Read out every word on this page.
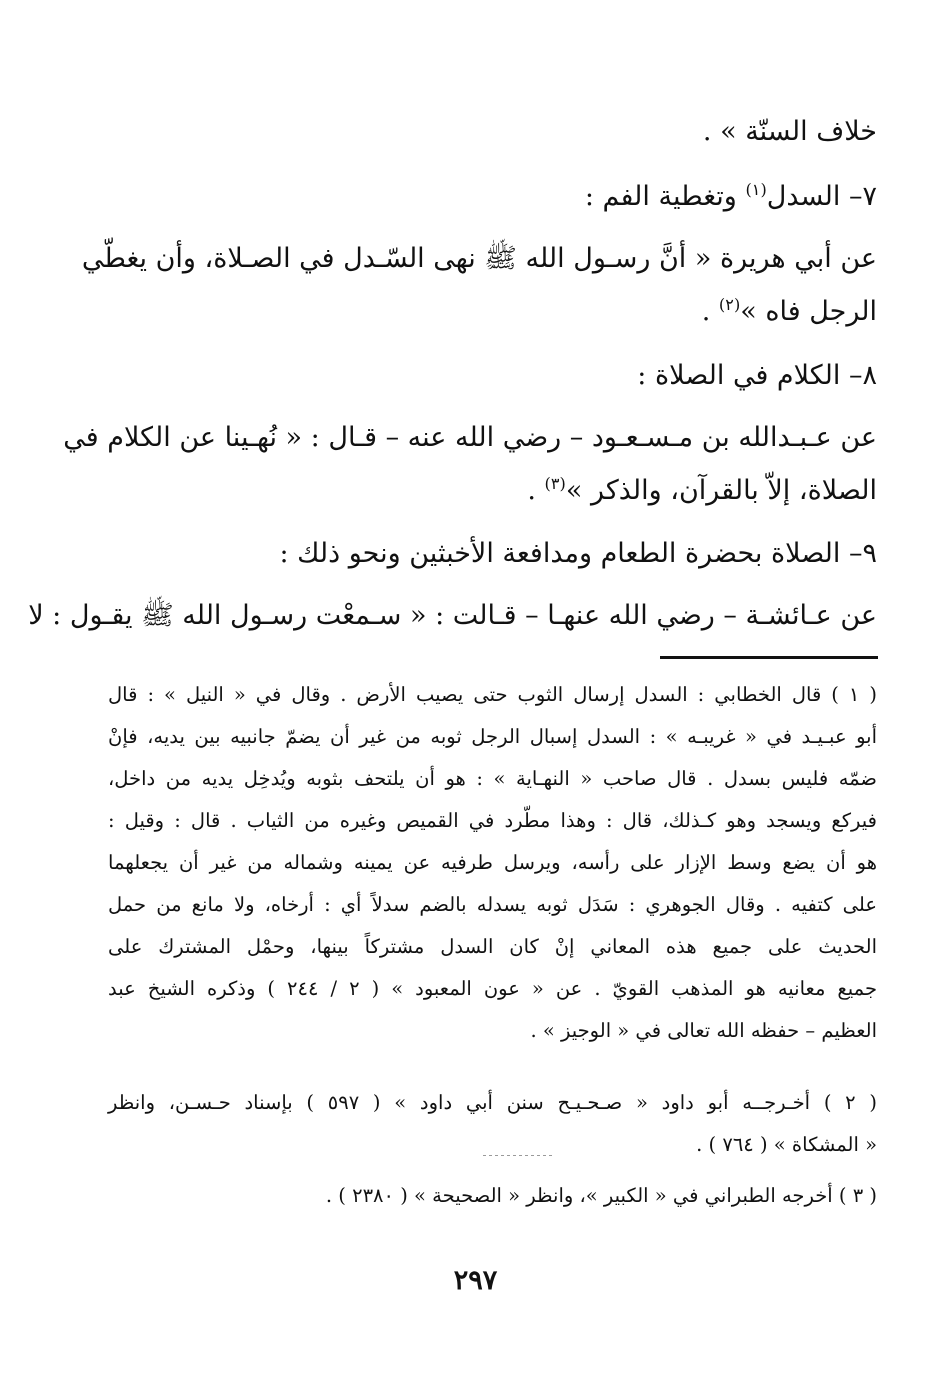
خلاف السنّة » .
٧– السدل$^{(١)}$ وتغطية الفم :
عن أبي هريرة « أنَّ رسـول الله ﷺ نهى السّـدل في الصـلاة، وأن يغطّي
الرجل فاه »$^{(٢)}$ .
٨– الكلام في الصلاة :
عن عـبـدالله بن مـسـعـود – رضي الله عنه – قـال : « نُهـينا عن الكلام في
الصلاة، إلاّ بالقرآن، والذكر »$^{(٣)}$ .
٩– الصلاة بحضرة الطعام ومدافعة الأخبثين ونحو ذلك :
عن عـائشـة – رضي الله عنهـا – قـالت : « سـمعْت رسـول الله ﷺ يقـول : لا
( ١ ) قال الخطابي : السدل إرسال الثوب حتى يصيب الأرض . وقال في « النيل » : قال
أبو عبـيـد في « غريبـه » : السدل إسبال الرجل ثوبه من غير أن يضمّ جانبيه بين يديه، فإنْ
ضمّه فليس بسدل . قال صاحب « النهـاية » : هو أن يلتحف بثوبه ويُدخِل يديه من داخل،
فيركع ويسجد وهو كـذلك، قال : وهذا مطّرد في القميص وغيره من الثياب . قال : وقيل :
هو أن يضع وسط الإزار على رأسه، ويرسل طرفيه عن يمينه وشماله من غير أن يجعلهما
على كتفيه . وقال الجوهري : سَدَل ثوبه يسدله بالضم سدلاً أي : أرخاه، ولا مانع من حمل
الحديث على جميع هذه المعاني إنْ كان السدل مشتركاً بينها، وحمْل المشترك على
جميع معانيه هو المذهب القويّ . عن « عون المعبود » ( ٢ / ٢٤٤ ) وذكره الشيخ عبد
العظيم – حفظه الله تعالى في « الوجيز » .
( ٢ ) أخـرجــه أبو داود « صـحـيـح سنن أبي داود » ( ٥٩٧ ) بإسناد حـسـن، وانظر
« المشكاة » ( ٧٦٤ ) .
( ٣ ) أخرجه الطبراني في « الكبير »، وانظر « الصحيحة » ( ٢٣٨٠ ) .
٢٩٧
